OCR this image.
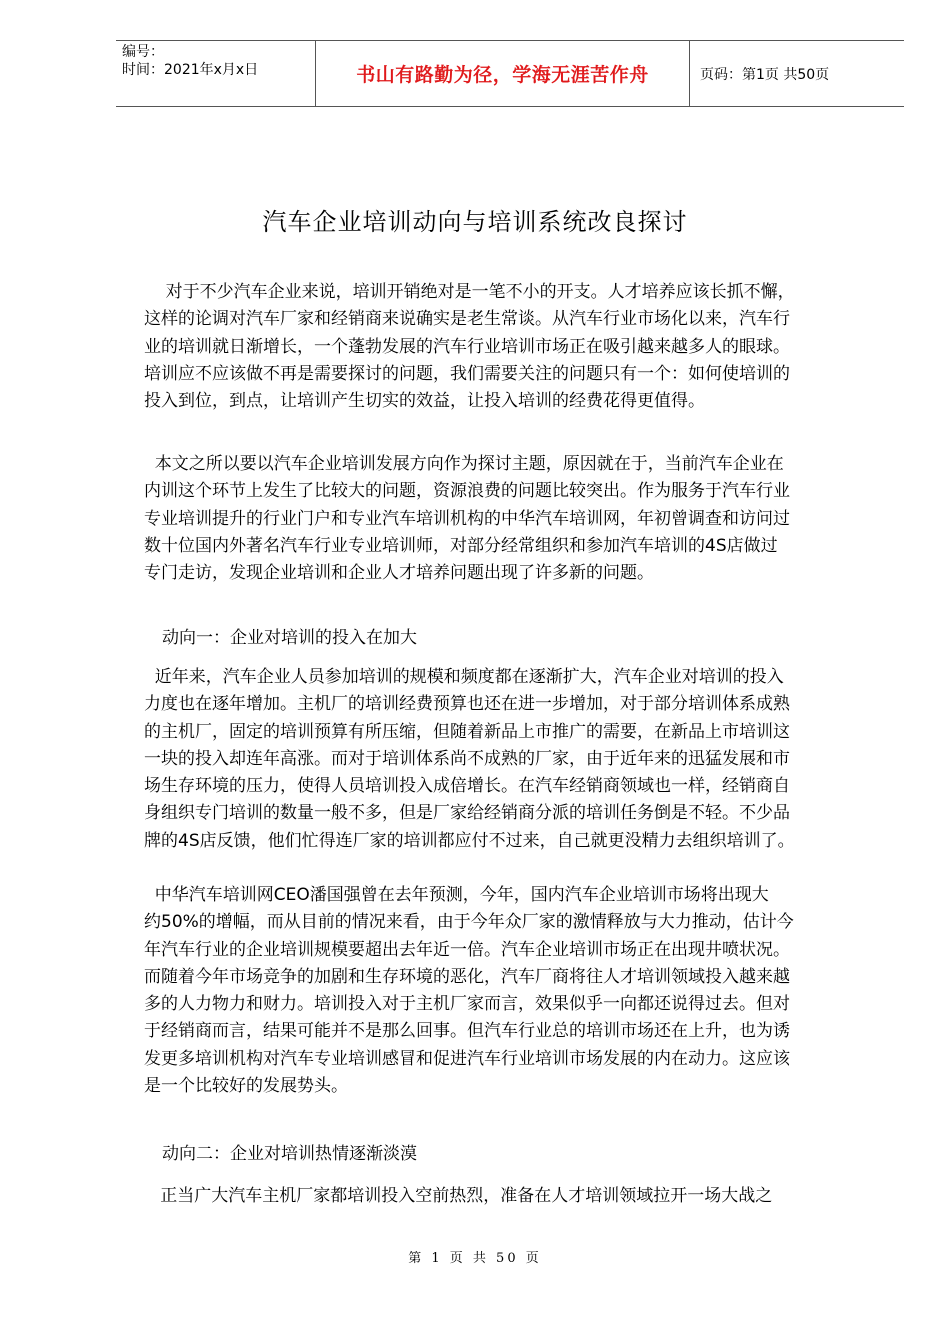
编号：
时间：2021年x月x日	书山有路勤为径，学海无涯苦作舟	页码：第1页 共50页
汽车企业培训动向与培训系统改良探讨
对于不少汽车企业来说，培训开销绝对是一笔不小的开支。人才培养应该长抓不懈，
这样的论调对汽车厂家和经销商来说确实是老生常谈。从汽车行业市场化以来，汽车行
业的培训就日渐增长，一个蓬勃发展的汽车行业培训市场正在吸引越来越多人的眼球。
培训应不应该做不再是需要探讨的问题，我们需要关注的问题只有一个：如何使培训的
投入到位，到点，让培训产生切实的效益，让投入培训的经费花得更值得。
本文之所以要以汽车企业培训发展方向作为探讨主题，原因就在于，当前汽车企业在
内训这个环节上发生了比较大的问题，资源浪费的问题比较突出。作为服务于汽车行业
专业培训提升的行业门户和专业汽车培训机构的中华汽车培训网，年初曾调查和访问过
数十位国内外著名汽车行业专业培训师，对部分经常组织和参加汽车培训的4S店做过
专门走访，发现企业培训和企业人才培养问题出现了许多新的问题。

动向一：企业对培训的投入在加大

近年来，汽车企业人员参加培训的规模和频度都在逐渐扩大，汽车企业对培训的投入
力度也在逐年增加。主机厂的培训经费预算也还在进一步增加，对于部分培训体系成熟
的主机厂，固定的培训预算有所压缩，但随着新品上市推广的需要，在新品上市培训这
一块的投入却连年高涨。而对于培训体系尚不成熟的厂家，由于近年来的迅猛发展和市
场生存环境的压力，使得人员培训投入成倍增长。在汽车经销商领域也一样，经销商自
身组织专门培训的数量一般不多，但是厂家给经销商分派的培训任务倒是不轻。不少品
牌的4S店反馈，他们忙得连厂家的培训都应付不过来，自己就更没精力去组织培训了。
中华汽车培训网CEO潘国强曾在去年预测，今年，国内汽车企业培训市场将出现大
约50%的增幅，而从目前的情况来看，由于今年众厂家的激情释放与大力推动，估计今
年汽车行业的企业培训规模要超出去年近一倍。汽车企业培训市场正在出现井喷状况。
而随着今年市场竞争的加剧和生存环境的恶化，汽车厂商将往人才培训领域投入越来越
多的人力物力和财力。培训投入对于主机厂家而言，效果似乎一向都还说得过去。但对
于经销商而言，结果可能并不是那么回事。但汽车行业总的培训市场还在上升，也为诱
发更多培训机构对汽车专业培训感冒和促进汽车行业培训市场发展的内在动力。这应该
是一个比较好的发展势头。

动向二：企业对培训热情逐渐淡漠

正当广大汽车主机厂家都培训投入空前热烈，准备在人才培训领域拉开一场大战之
第 1 页 共 50 页
